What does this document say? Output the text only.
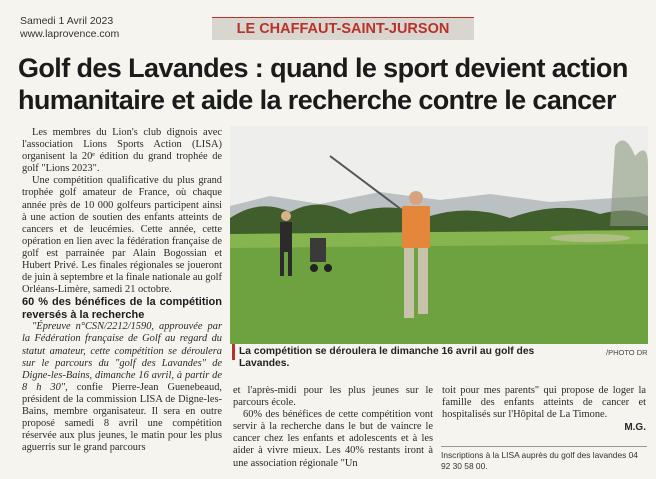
Samedi 1 Avril 2023
www.laprovence.com	LE CHAFFAUT-SAINT-JURSON
Golf des Lavandes : quand le sport devient action humanitaire et aide la recherche contre le cancer

Les membres du Lion's club dignois avec l'association Lions Sports Action (LISA) organisent la 20ᵉ édition du grand trophée de golf "Lions 2023".

Une compétition qualificative du plus grand trophée golf amateur de France, où chaque année près de 10 000 golfeurs participent ainsi à une action de soutien des enfants atteints de cancers et de leucémies. Cette année, cette opération en lien avec la fédération française de golf est parrainée par Alain Bogossian et Hubert Privé. Les finales régionales se joueront de juin à septembre et la finale nationale au golf Orléans-Limère, samedi 21 octobre.

60 % des bénéfices de la compétition reversés à la recherche

"Épreuve n°CSN/2212/1590, approuvée par la Fédération française de Golf au regard du statut amateur, cette compétition se déroulera sur le parcours du "golf des Lavandes" de Digne-les-Bains, dimanche 16 avril, à partir de 8 h 30", confie Pierre-Jean Guenebeaud, président de la commission LISA de Digne-les-Bains, membre organisateur. Il sera en outre proposé samedi 8 avril une compétition réservée aux plus jeunes, le matin pour les plus aguerris sur le grand parcours

La compétition se déroulera le dimanche 16 avril au golf des Lavandes.
/PHOTO DR

et l'après-midi pour les plus jeunes sur le parcours école.

60% des bénéfices de cette compétition vont servir à la recherche dans le but de vaincre le cancer chez les enfants et adolescents et à les aider à vivre mieux. Les 40% restants iront à une association régionale "Un

toit pour mes parents" qui propose de loger la famille des enfants atteints de cancer et hospitalisés sur l'Hôpital de La Timone.

M.G.
Inscriptions à la LISA auprès du golf des lavandes 04 92 30 58 00.
